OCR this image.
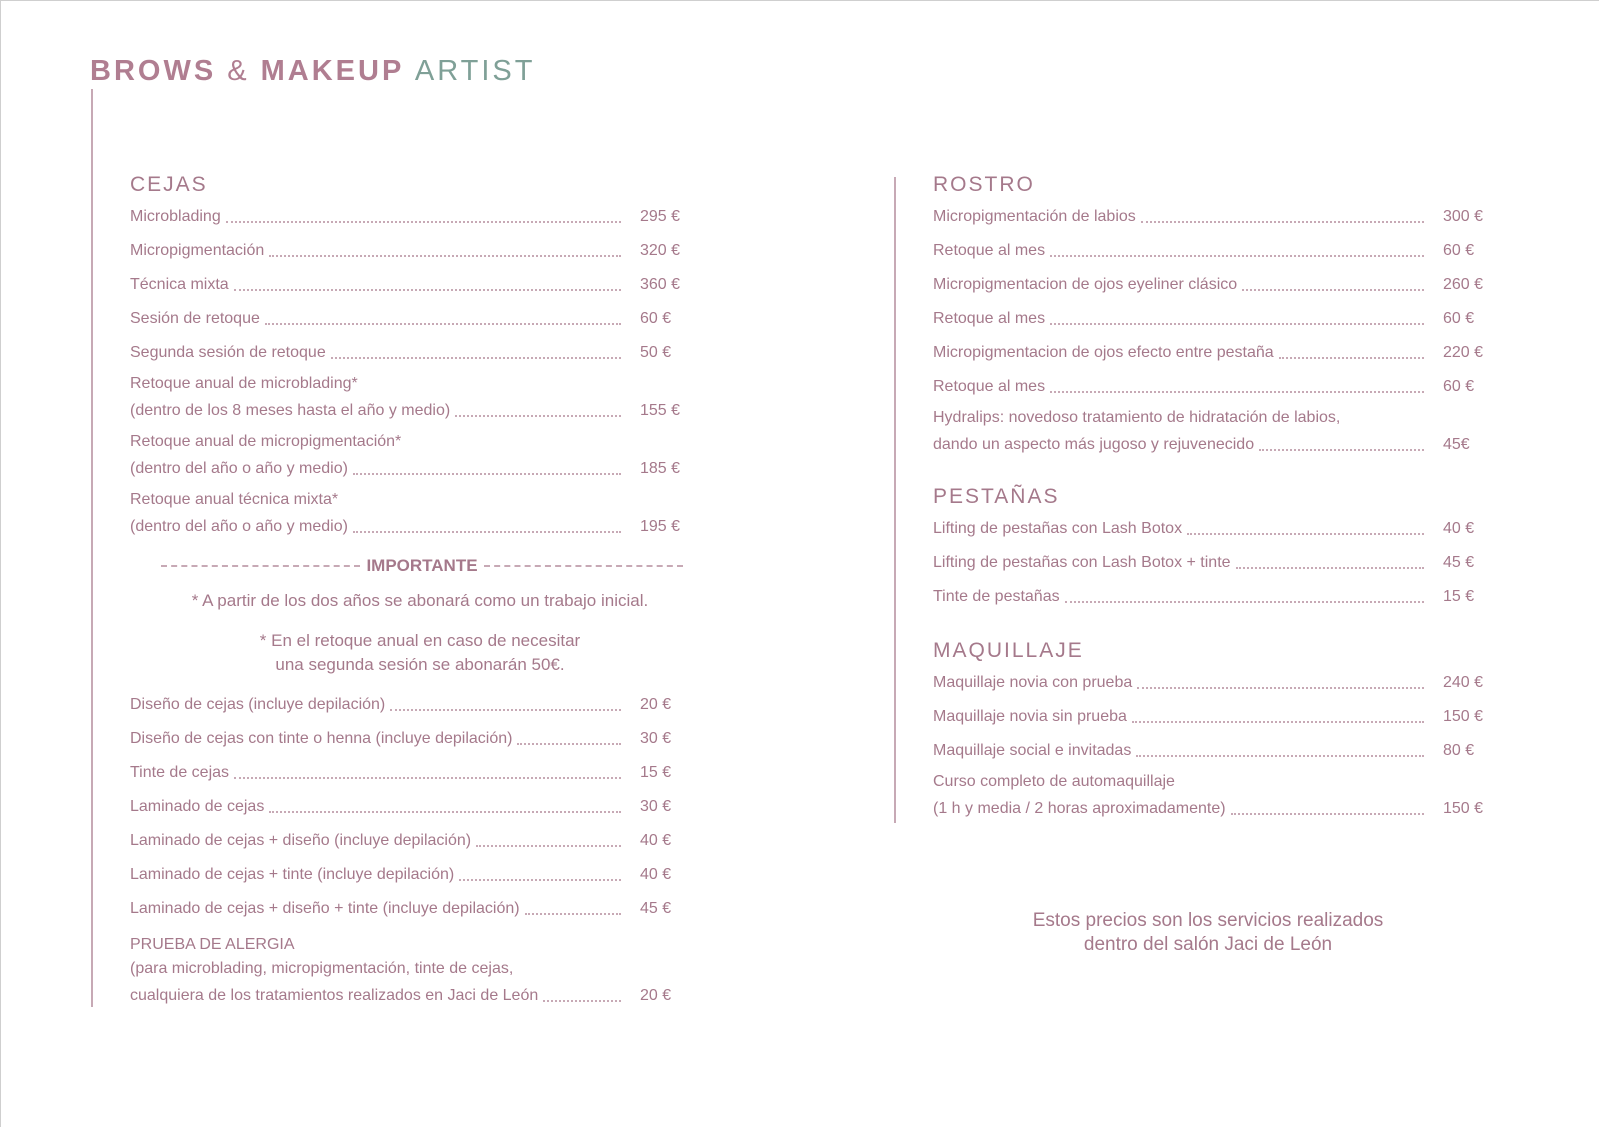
BROWS & MAKEUP ARTIST
CEJAS
Microblading	295 €
Micropigmentación	320 €
Técnica mixta	360 €
Sesión de retoque	60 €
Segunda sesión de retoque	50 €
Retoque anual de microblading*
(dentro de los 8 meses hasta el año y medio)	155 €
Retoque anual de micropigmentación*
(dentro del año o año y medio)	185 €
Retoque anual técnica mixta*
(dentro del año o año y medio)	195 €
IMPORTANTE
* A partir de los dos años se abonará como un trabajo inicial.
* En el retoque anual en caso de necesitar
una segunda sesión se abonarán 50€.
Diseño de cejas (incluye depilación)	20 €
Diseño de cejas con tinte o henna (incluye depilación)	30 €
Tinte de cejas	15 €
Laminado de cejas	30 €
Laminado de cejas + diseño (incluye depilación)	40 €
Laminado de cejas + tinte (incluye depilación)	40 €
Laminado de cejas + diseño + tinte (incluye depilación)	45 €
PRUEBA DE ALERGIA
(para microblading, micropigmentación, tinte de cejas,
cualquiera de los tratamientos realizados en Jaci de León	20 €
ROSTRO
Micropigmentación de labios	300 €
Retoque al mes	60 €
Micropigmentacion de ojos eyeliner clásico	260 €
Retoque al mes	60 €
Micropigmentacion de ojos efecto entre pestaña	220 €
Retoque al mes	60 €
Hydralips: novedoso tratamiento de hidratación de labios,
dando un aspecto más jugoso y rejuvenecido	45€
PESTAÑAS
Lifting de pestañas con Lash Botox	40 €
Lifting de pestañas con Lash Botox + tinte	45 €
Tinte de pestañas	15 €
MAQUILLAJE
Maquillaje novia con prueba	240 €
Maquillaje novia sin prueba	150 €
Maquillaje social e invitadas	80 €
Curso completo de automaquillaje
(1 h y media / 2 horas aproximadamente)	150 €
Estos precios son los servicios realizados
dentro del salón Jaci de León
